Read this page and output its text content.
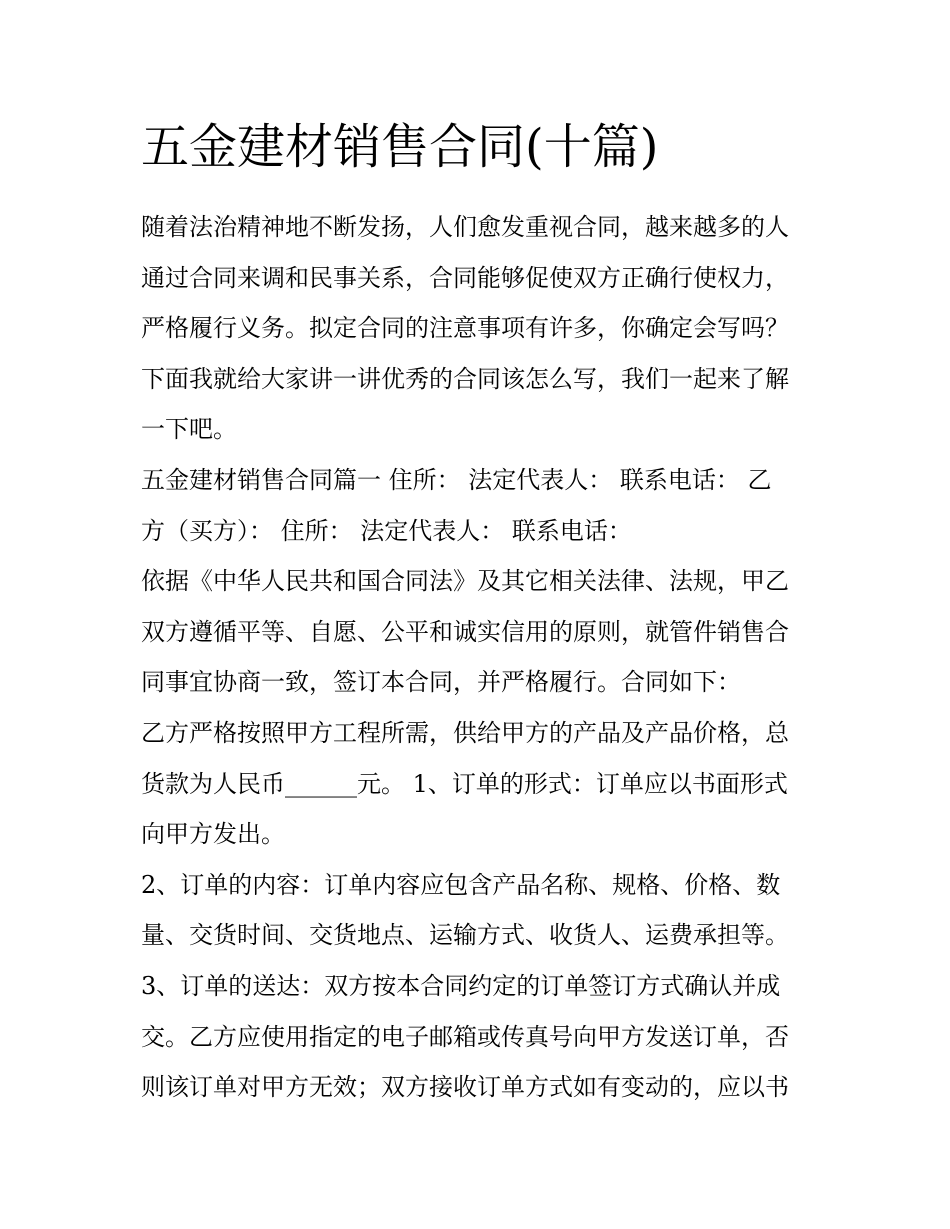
五金建材销售合同(十篇)
随着法治精神地不断发扬，人们愈发重视合同，越来越多的人
通过合同来调和民事关系，合同能够促使双方正确行使权力，
严格履行义务。拟定合同的注意事项有许多，你确定会写吗？
下面我就给大家讲一讲优秀的合同该怎么写，我们一起来了解
一下吧。
五金建材销售合同篇一 住所： 法定代表人： 联系电话： 乙
方（买方）： 住所： 法定代表人： 联系电话：
依据《中华人民共和国合同法》及其它相关法律、法规，甲乙
双方遵循平等、自愿、公平和诚实信用的原则，就管件销售合
同事宜协商一致，签订本合同，并严格履行。合同如下：
乙方严格按照甲方工程所需，供给甲方的产品及产品价格，总
货款为人民币______元。 1、订单的形式：订单应以书面形式
向甲方发出。
2、订单的内容：订单内容应包含产品名称、规格、价格、数
量、交货时间、交货地点、运输方式、收货人、运费承担等。
3、订单的送达：双方按本合同约定的订单签订方式确认并成
交。乙方应使用指定的电子邮箱或传真号向甲方发送订单，否
则该订单对甲方无效；双方接收订单方式如有变动的，应以书
